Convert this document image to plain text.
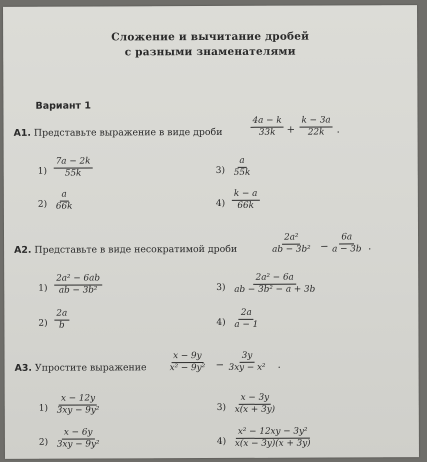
Сложение и вычитание дробей
с разными знаменателями
Вариант 1
А1. Представьте выражение в виде дроби	$\frac{4a - k}{33k} + \frac{k - 3a}{22k}$ .
$1) \frac{7a - 2k}{55k}$
$2) \frac{a}{66k}$
$3) \frac{a}{55k}$
$4) \frac{k - a}{66k}$
А2. Представьте в виде несократимой дроби	$\frac{\text{2a²}}{\text{ab − 3b²}} - \frac{6a}{a - 3b}$ .
$1) \frac{\text{2a² − 6ab}}{\text{ab − 3b²}}$
$2) \frac{2a}{b}$
$3) \frac{\text{2a² − 6a}}{\text{ab − 3b² − a + 3b}}$
$4) \frac{2a}{a - 1}$
А3. Упростите выражение $\frac{x - 9y}{\text{x² − 9y²}} - \frac{3y}{\text{3xy − x²}}$ .
$1) \frac{x - 12y}{\text{3xy − 9y²}}$
$2) \frac{x - 6y}{\text{3xy − 9y²}}$
$3) \frac{x - 3y}{x(x + 3y)}$
$4) \frac{\text{x² − 12xy − 3y²}}{x(x - 3y)(x + 3y)}$
